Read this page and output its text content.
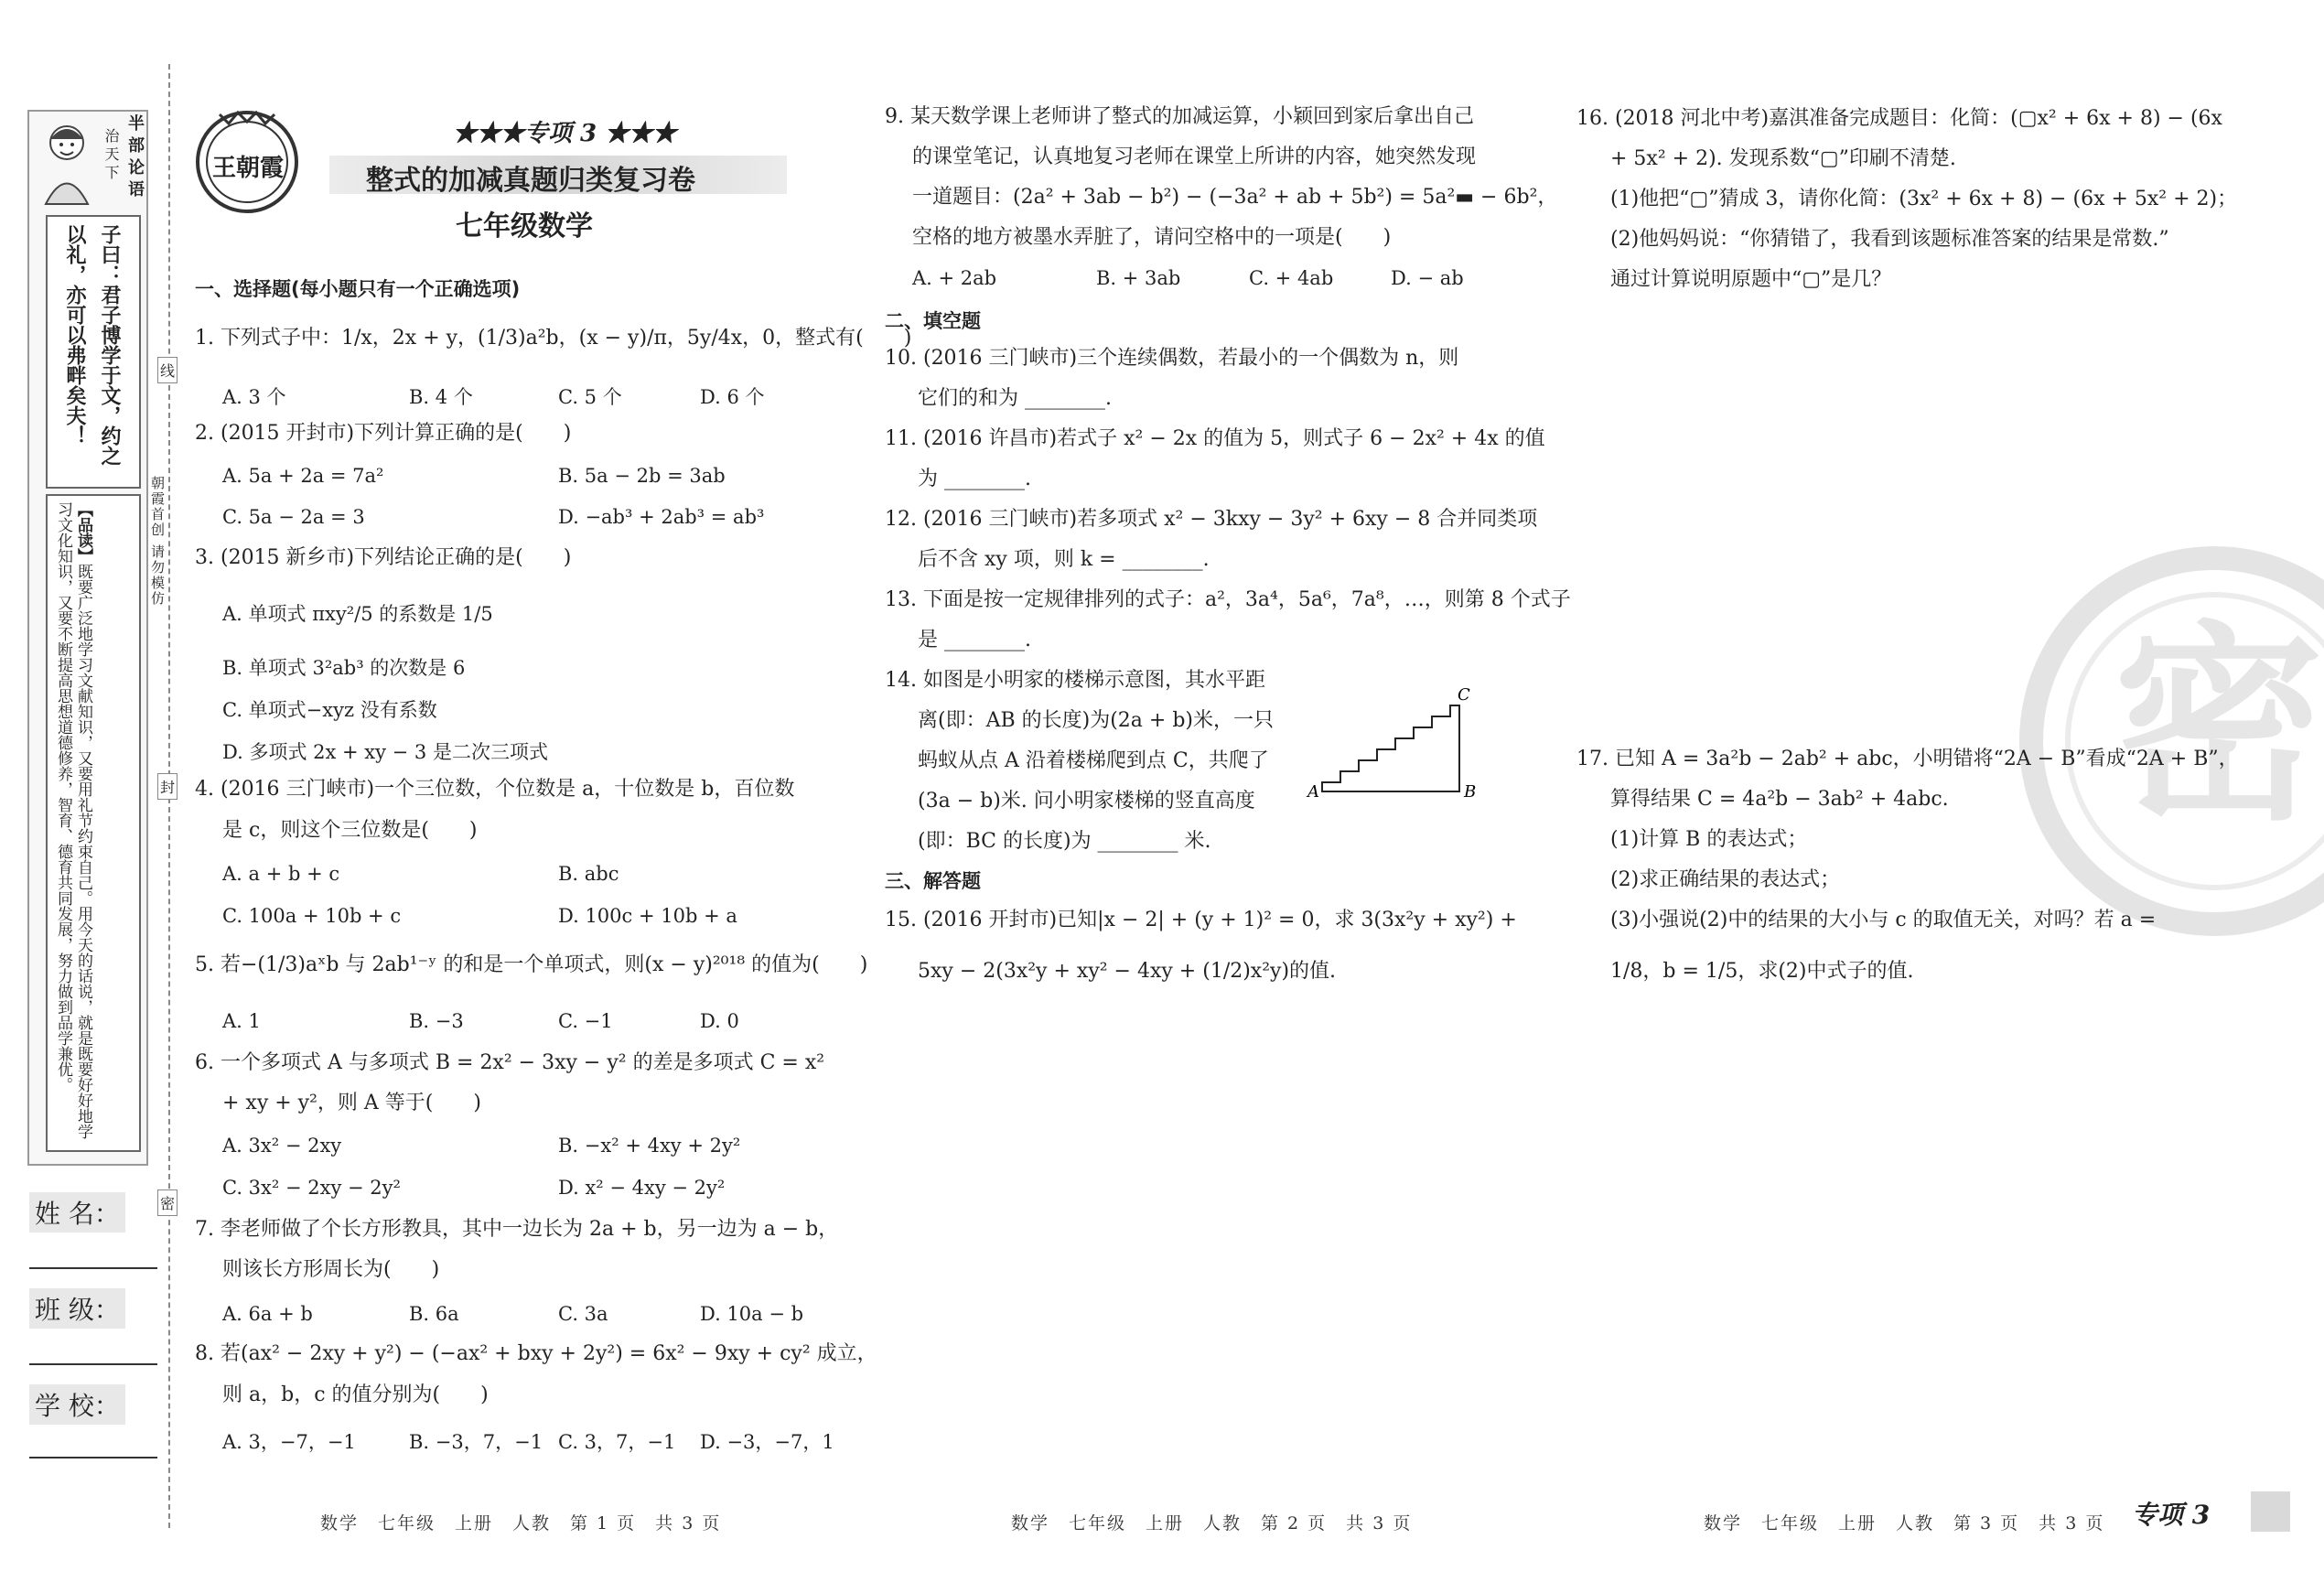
半部论语
治天下
子曰：君子博学于文，约之以礼，亦可以弗畔矣夫！
【品读】既要广泛地学习文献知识，又要用礼节约束自己。用今天的话说，就是既要好好地学习文化知识，又要不断提高思想道德修养，智育、德育共同发展，努力做到品学兼优。
姓 名：
班 级：
学 校：
线
朝霞首创 请勿模仿
封
密
王朝霞
★★★专项 3 ★★★
整式的加减真题归类复习卷
七年级数学
一、选择题(每小题只有一个正确选项)
1. 下列式子中：1/x，2x + y，(1/3)a²b，(x − y)/π，5y/4x，0，整式有(　　)
A. 3 个	B. 4 个	C. 5 个	D. 6 个
2. (2015 开封市)下列计算正确的是(　　)
A. 5a + 2a = 7a²	B. 5a − 2b = 3ab
C. 5a − 2a = 3	D. −ab³ + 2ab³ = ab³
3. (2015 新乡市)下列结论正确的是(　　)
A. 单项式 πxy²/5 的系数是 1/5
B. 单项式 3²ab³ 的次数是 6
C. 单项式−xyz 没有系数
D. 多项式 2x + xy − 3 是二次三项式
4. (2016 三门峡市)一个三位数，个位数是 a，十位数是 b，百位数
是 c，则这个三位数是(　　)
A. a + b + c	B. abc
C. 100a + 10b + c	D. 100c + 10b + a
5. 若−(1/3)aˣb 与 2ab¹⁻ʸ 的和是一个单项式，则(x − y)²⁰¹⁸ 的值为(　　)
A. 1	B. −3	C. −1	D. 0
6. 一个多项式 A 与多项式 B = 2x² − 3xy − y² 的差是多项式 C = x²
+ xy + y²，则 A 等于(　　)
A. 3x² − 2xy	B. −x² + 4xy + 2y²
C. 3x² − 2xy − 2y²	D. x² − 4xy − 2y²
7. 李老师做了个长方形教具，其中一边长为 2a + b，另一边为 a − b，
则该长方形周长为(　　)
A. 6a + b	B. 6a	C. 3a	D. 10a − b
8. 若(ax² − 2xy + y²) − (−ax² + bxy + 2y²) = 6x² − 9xy + cy² 成立，
则 a，b，c 的值分别为(　　)
A. 3，−7，−1	B. −3，7，−1 C. 3，7，−1 D. −3，−7，1
数学　七年级　上册　人教　第 1 页　共 3 页
9. 某天数学课上老师讲了整式的加减运算，小颖回到家后拿出自己
的课堂笔记，认真地复习老师在课堂上所讲的内容，她突然发现
一道题目：(2a² + 3ab − b²) − (−3a² + ab + 5b²) = 5a²▬ − 6b²，
空格的地方被墨水弄脏了，请问空格中的一项是(　　)
A. + 2ab	B. + 3ab	C. + 4ab	D. − ab
二、填空题
10. (2016 三门峡市)三个连续偶数，若最小的一个偶数为 n，则
它们的和为 ________.
11. (2016 许昌市)若式子 x² − 2x 的值为 5，则式子 6 − 2x² + 4x 的值
为 ________.
12. (2016 三门峡市)若多项式 x² − 3kxy − 3y² + 6xy − 8 合并同类项
后不含 xy 项，则 k = ________.
13. 下面是按一定规律排列的式子：a²，3a⁴，5a⁶，7a⁸，…，则第 8 个式子
是 ________.
14. 如图是小明家的楼梯示意图，其水平距
离(即：AB 的长度)为(2a + b)米，一只
蚂蚁从点 A 沿着楼梯爬到点 C，共爬了
(3a − b)米. 问小明家楼梯的竖直高度
(即：BC 的长度)为 ________ 米.
A	B
C
三、解答题
15. (2016 开封市)已知|x − 2| + (y + 1)² = 0，求 3(3x²y + xy²) +
5xy − 2(3x²y + xy² − 4xy + (1/2)x²y)的值.
数学　七年级　上册　人教　第 2 页　共 3 页
16. (2018 河北中考)嘉淇准备完成题目：化简：(▢x² + 6x + 8) − (6x
+ 5x² + 2). 发现系数“▢”印刷不清楚.
(1)他把“▢”猜成 3，请你化简：(3x² + 6x + 8) − (6x + 5x² + 2)；
(2)他妈妈说：“你猜错了，我看到该题标准答案的结果是常数.”
通过计算说明原题中“▢”是几？
密
17. 已知 A = 3a²b − 2ab² + abc，小明错将“2A − B”看成“2A + B”，
算得结果 C = 4a²b − 3ab² + 4abc.
(1)计算 B 的表达式；
(2)求正确结果的表达式；
(3)小强说(2)中的结果的大小与 c 的取值无关，对吗？若 a =
1/8，b = 1/5，求(2)中式子的值.
数学　七年级　上册　人教　第 3 页　共 3 页 专项 3
